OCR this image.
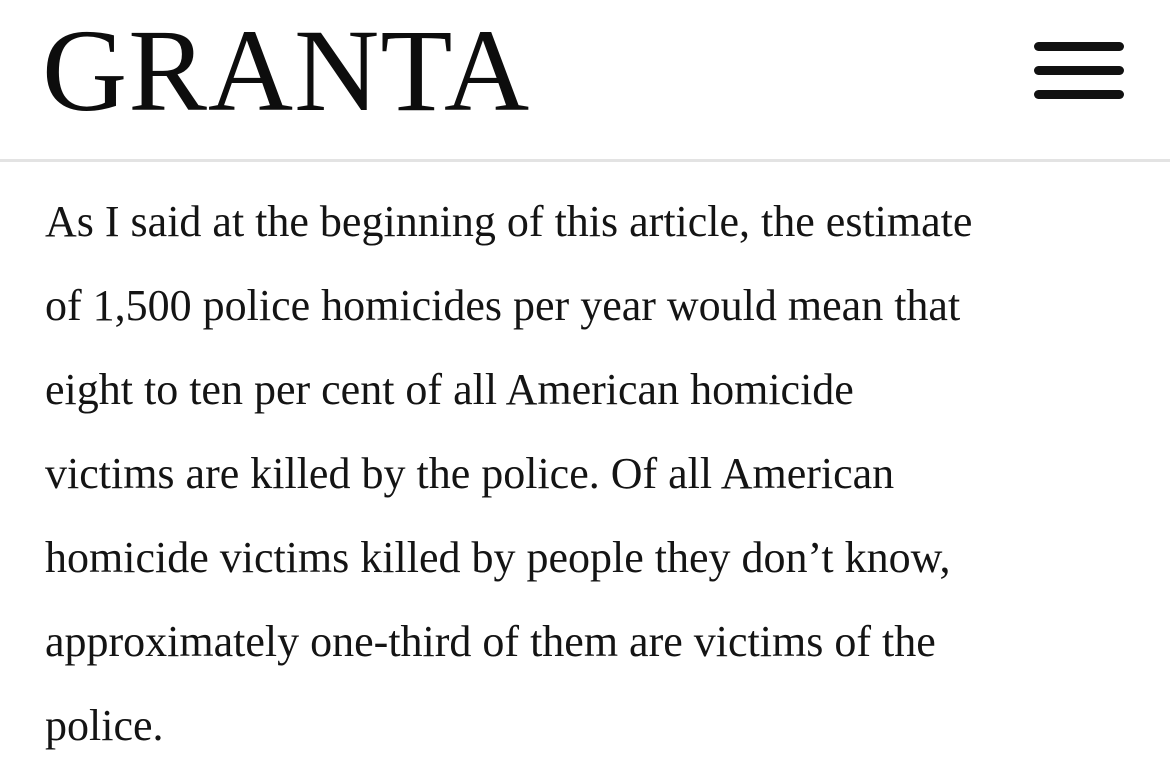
GRANTA

As I said at the beginning of this article, the estimate
of 1,500 police homicides per year would mean that
eight to ten per cent of all American homicide
victims are killed by the police. Of all American
homicide victims killed by people they don’t know,
approximately one-third of them are victims of the
police.
